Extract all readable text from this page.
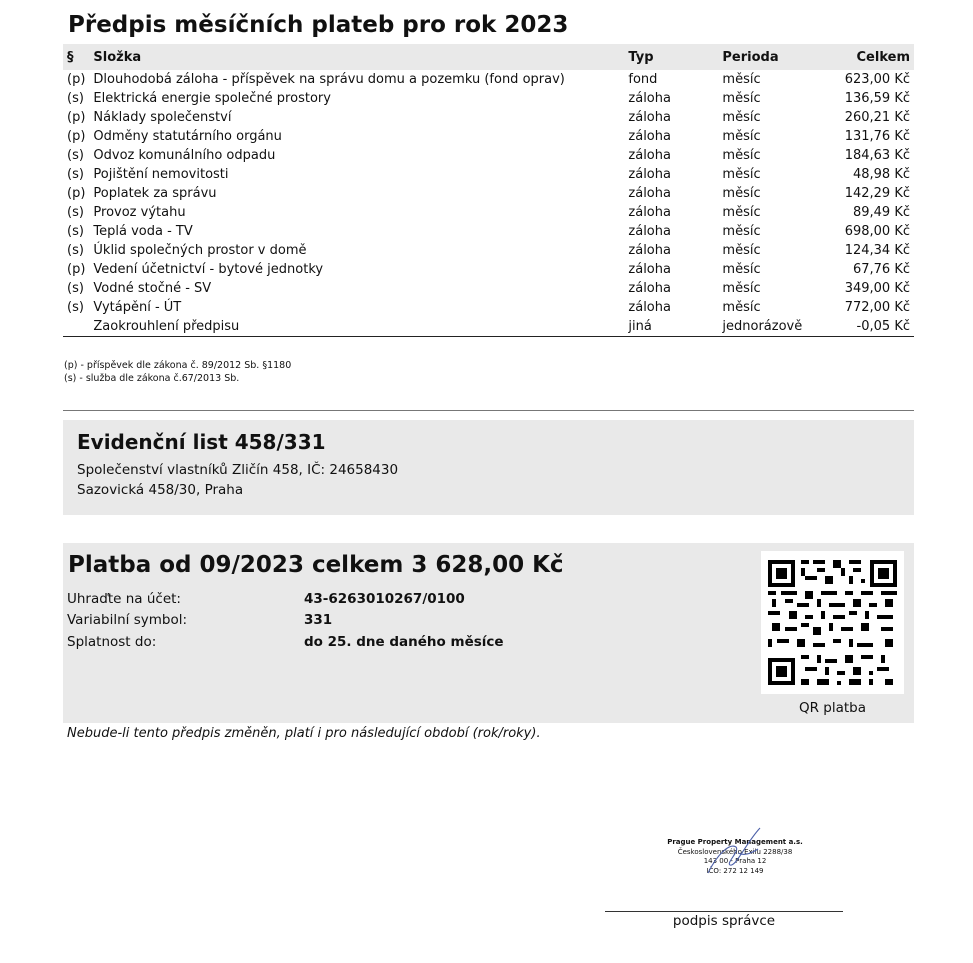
Předpis měsíčních plateb pro rok 2023
§	Složka	Typ	Perioda	Celkem
(p)	Dlouhodobá záloha - příspěvek na správu domu a pozemku (fond oprav)	fond	měsíc	623,00 Kč
(s)	Elektrická energie společné prostory	záloha	měsíc	136,59 Kč
(p)	Náklady společenství	záloha	měsíc	260,21 Kč
(p)	Odměny statutárního orgánu	záloha	měsíc	131,76 Kč
(s)	Odvoz komunálního odpadu	záloha	měsíc	184,63 Kč
(s)	Pojištění nemovitosti	záloha	měsíc	48,98 Kč
(p)	Poplatek za správu	záloha	měsíc	142,29 Kč
(s)	Provoz výtahu	záloha	měsíc	89,49 Kč
(s)	Teplá voda - TV	záloha	měsíc	698,00 Kč
(s)	Úklid společných prostor v domě	záloha	měsíc	124,34 Kč
(p)	Vedení účetnictví - bytové jednotky	záloha	měsíc	67,76 Kč
(s)	Vodné stočné - SV	záloha	měsíc	349,00 Kč
(s)	Vytápění - ÚT	záloha	měsíc	772,00 Kč
	Zaokrouhlení předpisu	jiná	jednorázově	-0,05 Kč
(p) - příspěvek dle zákona č. 89/2012 Sb. §1180
(s) - služba dle zákona č.67/2013 Sb.
Evidenční list 458/331
Společenství vlastníků Zličín 458, IČ: 24658430
Sazovická 458/30, Praha
Platba od 09/2023 celkem 3 628,00 Kč
Uhraďte na účet:	43-6263010267/0100
Variabilní symbol:	331
Splatnost do:	do 25. dne daného měsíce
QR platba
Nebude-li tento předpis změněn, platí i pro následující období (rok/roky).
Prague Property Management a.s.
Československého Exilu 2288/38
143 00 - Praha 12
IČO: 272 12 149
podpis správce
